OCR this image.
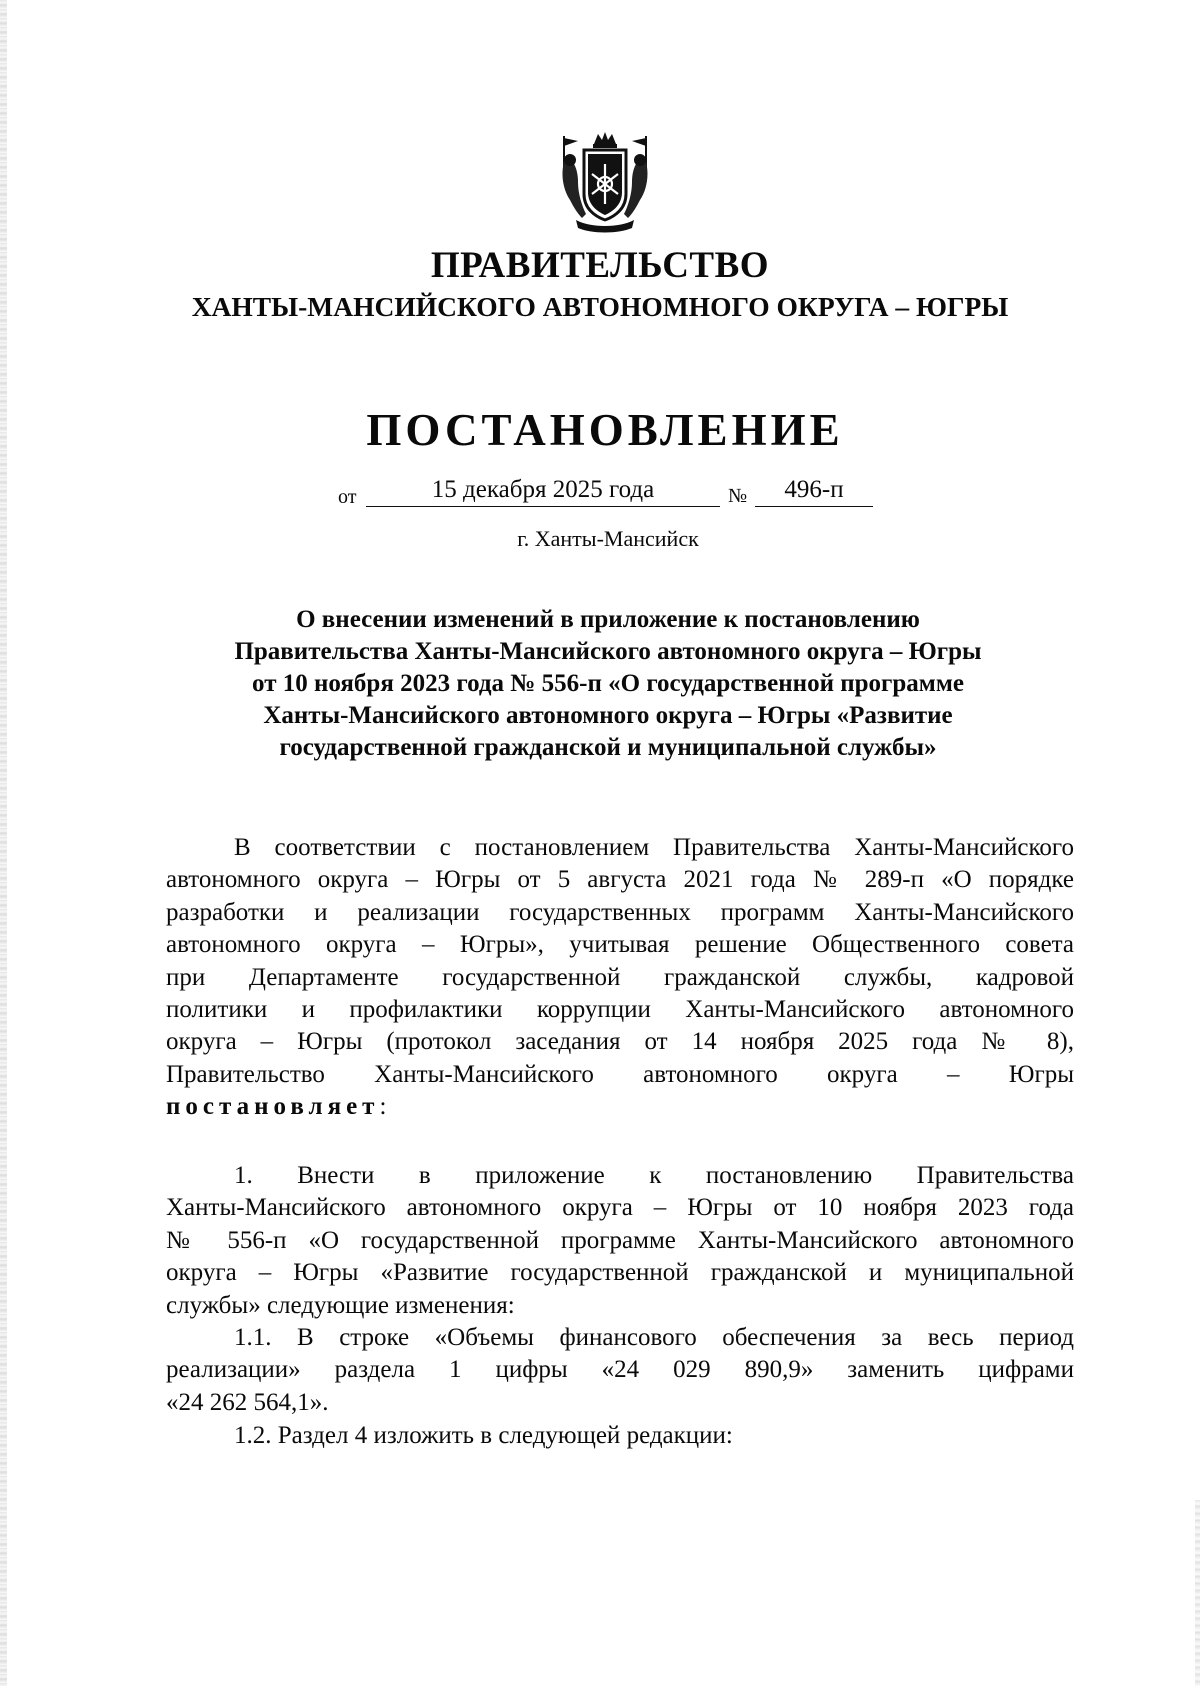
ПРАВИТЕЛЬСТВО
ХАНТЫ-МАНСИЙСКОГО АВТОНОМНОГО ОКРУГА – ЮГРЫ
ПОСТАНОВЛЕНИЕ
от	15 декабря 2025 года	№	496-п

г. Ханты-Мансийск

О внесении изменений в приложение к постановлению
Правительства Ханты-Мансийского автономного округа – Югры
от 10 ноября 2023 года № 556-п «О государственной программе
Ханты-Мансийского автономного округа – Югры «Развитие
государственной гражданской и муниципальной службы»
В соответствии с постановлением Правительства Ханты-Мансийского
автономного округа – Югры от 5 августа 2021 года № 289-п «О порядке
разработки и реализации государственных программ Ханты-Мансийского
автономного округа – Югры», учитывая решение Общественного совета
при Департаменте государственной гражданской службы, кадровой
политики и профилактики коррупции Ханты-Мансийского автономного
округа – Югры (протокол заседания от 14 ноября 2025 года № 8),
Правительство Ханты-Мансийского автономного округа – Югры
постановляет:
1. Внести в приложение к постановлению Правительства
Ханты-Мансийского автономного округа – Югры от 10 ноября 2023 года
№ 556-п «О государственной программе Ханты-Мансийского автономного
округа – Югры «Развитие государственной гражданской и муниципальной
службы» следующие изменения:
1.1. В строке «Объемы финансового обеспечения за весь период
реализации» раздела 1 цифры «24 029 890,9» заменить цифрами
«24 262 564,1».
1.2. Раздел 4 изложить в следующей редакции:
